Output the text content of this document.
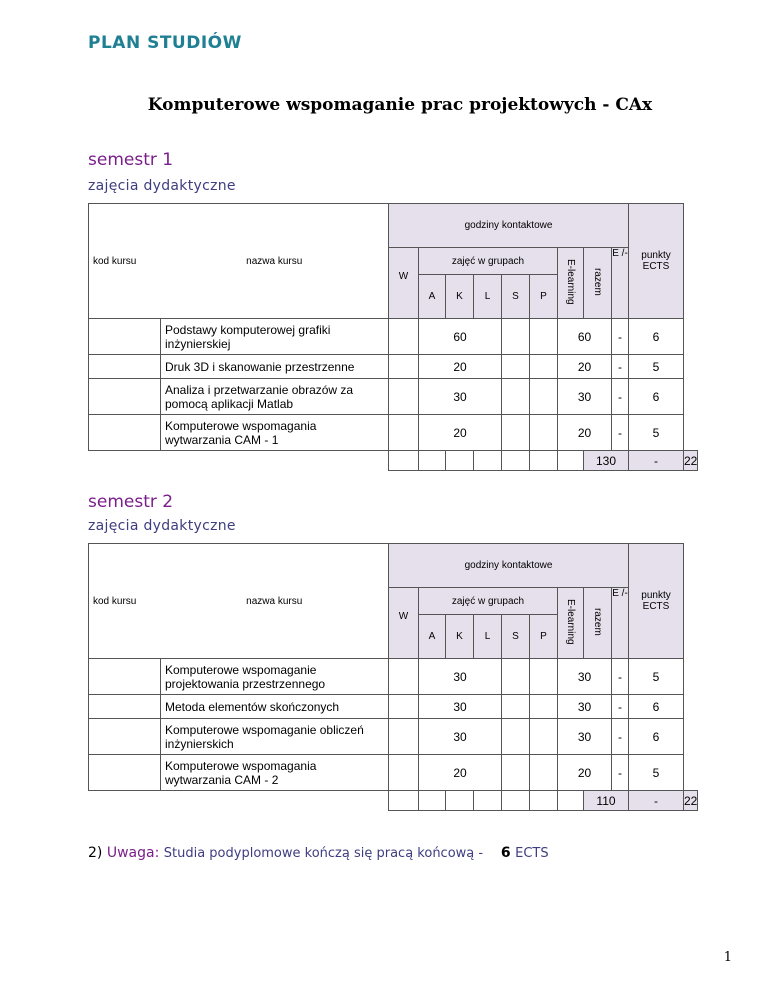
PLAN STUDIÓW
Komputerowe wspomaganie prac projektowych - CAx
semestr 1
zajęcia dydaktyczne
kod kursu	nazwa kursu	godziny kontaktowe									punkty ECTS	
		W	zajęć w grupach					E-learning	razem	E /-		
			A	K	L	S	P					
	Podstawy komputerowej grafiki inżynierskiej		60					60		-	6	
	Druk 3D i skanowanie przestrzenne		20					20		-	5	
	Analiza i przetwarzanie obrazów za pomocą aplikacji Matlab		30					30		-	6	
	Komputerowe wspomagania wytwarzania CAM - 1		20					20		-	5	
									130		-	22
semestr 2
zajęcia dydaktyczne
kod kursu	nazwa kursu	godziny kontaktowe									punkty ECTS	
		W	zajęć w grupach					E-learning	razem	E /-		
			A	K	L	S	P					
	Komputerowe wspomaganie projektowania przestrzennego		30					30		-	5	
	Metoda elementów skończonych		30					30		-	6	
	Komputerowe wspomaganie obliczeń inżynierskich		30					30		-	6	
	Komputerowe wspomagania wytwarzania CAM - 2		20					20		-	5	
									110		-	22
2) Uwaga: Studia podyplomowe kończą się pracą końcową - 6 ECTS
1
